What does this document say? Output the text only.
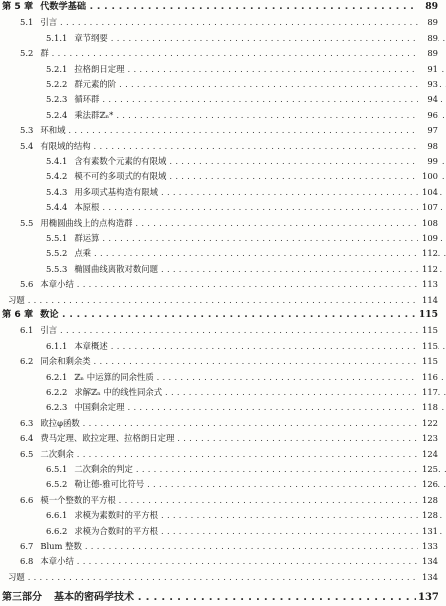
第 5 章 代数学基础 . . .	89
5.1 引言 . . .	89
5.1.1 章节纲要 . . .	89
5.2 群 . . .	89
5.2.1 拉格朗日定理 . . .	91
5.2.2 群元素的阶 . . .	93
5.2.3 循环群 . . .	94
5.2.4 乘法群ℤₙ* . . .	96
5.3 环和域 . . .	97
5.4 有限域的结构 . . .	98
5.4.1 含有素数个元素的有限域 . . .	99
5.4.2 模不可约多项式的有限域 . . .	100
5.4.3 用多项式基构造有限域 . . .	104
5.4.4 本原根 . . .	107
5.5 用椭圆曲线上的点构造群 . . .	108
5.5.1 群运算 . . .	109
5.5.2 点乘 . . .	112
5.5.3 椭圆曲线离散对数问题 . . .	112
5.6 本章小结 . . .	113
习题 . . .	114
第 6 章 数论 . . .	115
6.1 引言 . . .	115
6.1.1 本章概述 . . .	115
6.2 同余和剩余类 . . .	115
6.2.1 ℤₙ 中运算的同余性质 . . .	116
6.2.2 求解ℤₙ 中的线性同余式 . . .	117
6.2.3 中国剩余定理 . . .	118
6.3 欧拉φ函数 . . .	122
6.4 费马定理、欧拉定理、拉格朗日定理 . . .	123
6.5 二次剩余 . . .	124
6.5.1 二次剩余的判定 . . .	125
6.5.2 勒让德-雅可比符号 . . .	126
6.6 模一个整数的平方根 . . .	128
6.6.1 求模为素数时的平方根 . . .	128
6.6.2 求模为合数时的平方根 . . .	131
6.7 Blum 整数 . . .	133
6.8 本章小结 . . .	134
习题 . . .	134
第三部分 基本的密码学技术 . . .	137
